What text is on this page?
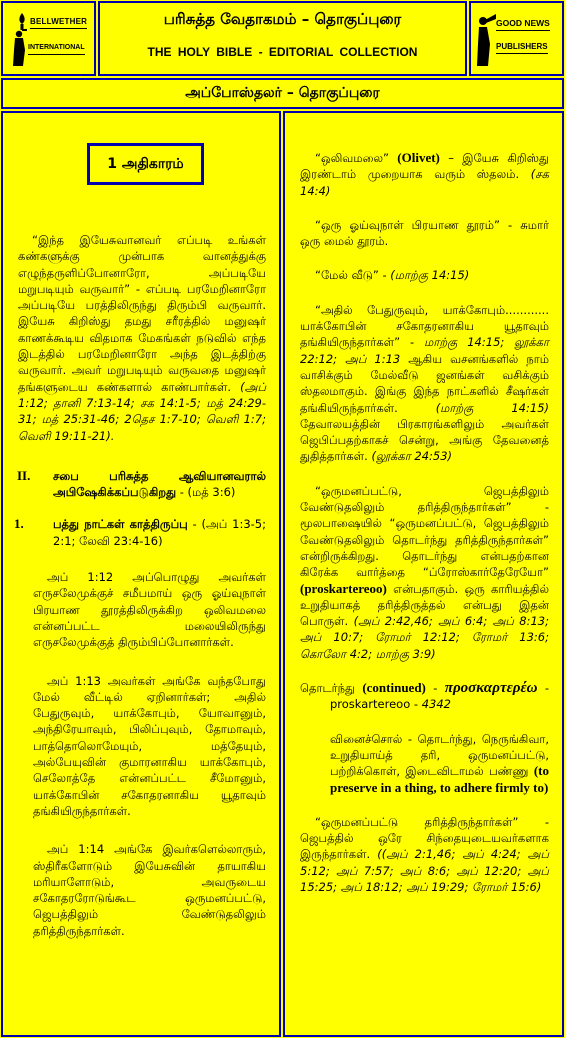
BELLWETHER
INTERNATIONAL
பரிசுத்த வேதாகமம் – தொகுப்புரை
THE HOLY BIBLE - EDITORIAL COLLECTION
GOOD NEWS
PUBLISHERS
அப்போஸ்தலர் – தொகுப்புரை
1 அதிகாரம்

“இந்த இயேசுவானவர் எப்படி உங்கள் கண்களுக்கு முன்பாக வானத்துக்கு எழுந்தருளிப்போனாரோ, அப்படியே மறுபடியும் வருவார்” - எப்படி பரமேறினாரோ அப்படியே பரத்திலிருந்து திரும்பி வருவார். இயேசு கிறிஸ்து தமது சரீரத்தில் மனுஷர் காணக்கூடிய விதமாக மேகங்கள் நடுவில் எந்த இடத்தில் பரமேறினாரோ அந்த இடத்திற்கு வருவார். அவர் மறுபடியும் வருவதை மனுஷர் தங்களுடைய கண்களால் காண்பார்கள். (அப் 1:12; தானி 7:13-14; சக 14:1-5; மத் 24:29-31; மத் 25:31-46; 2தெச 1:7-10; வெளி 1:7; வெளி 19:11-21).

II.	சபை பரிசுத்த ஆவியானவரால் அபிஷேகிக்கப்படுகிறது - (மத் 3:6)
1.	பத்து நாட்கள் காத்திருப்பு - (அப் 1:3-5; 2:1; லேவி 23:4-16)

அப் 1:12 அப்பொழுது அவர்கள் எருசலேமுக்குச் சமீபமாய் ஒரு ஓய்வுநாள் பிரயாண தூரத்திலிருக்கிற ஒலிவமலை என்னப்பட்ட மலையிலிருந்து எருசலேமுக்குத் திரும்பிப்போனார்கள்.

அப் 1:13 அவர்கள் அங்கே வந்தபோது மேல் வீட்டில் ஏறினார்கள்; அதில் பேதுருவும், யாக்கோபும், யோவானும், அந்திரேயாவும், பிலிப்புவும், தோமாவும், பாத்தொலொமேயும், மத்தேயும், அல்பேயுவின் குமாரனாகிய யாக்கோபும், செலோத்தே என்னப்பட்ட சீமோனும், யாக்கோபின் சகோதரனாகிய யூதாவும் தங்கியிருந்தார்கள்.

அப் 1:14 அங்கே இவர்களெல்லாரும், ஸ்திரீகளோடும் இயேசுவின் தாயாகிய மரியாளோடும், அவருடைய சகோதரரோடுங்கூட ஒருமனப்பட்டு, ஜெபத்திலும் வேண்டுதலிலும் தரித்திருந்தார்கள்.

“ஒலிவமலை” (Olivet) – இயேசு கிறிஸ்து இரண்டாம் முறையாக வரும் ஸ்தலம். (சக 14:4)

“ஒரு ஓய்வுநாள் பிரயாண தூரம்” - சுமார் ஒரு மைல் தூரம்.

“மேல் வீடு” - (மாற்கு 14:15)

“அதில் பேதுருவும், யாக்கோபும்............ யாக்கோபின் சகோதரனாகிய யூதாவும் தங்கியிருந்தார்கள்” - மாற்கு 14:15; லூக்கா 22:12; அப் 1:13 ஆகிய வசனங்களில் நாம் வாசிக்கும் மேல்வீடு ஜனங்கள் வசிக்கும் ஸ்தலமாகும். இங்கு இந்த நாட்களில் சீஷர்கள் தங்கியிருந்தார்கள். (மாற்கு 14:15) தேவாலயத்தின் பிரகாரங்களிலும் அவர்கள் ஜெபிப்பதற்காகச் சென்று, அங்கு தேவனைத் துதித்தார்கள். (லூக்கா 24:53)

“ஒருமனப்பட்டு, ஜெபத்திலும் வேண்டுதலிலும் தரித்திருந்தார்கள்” - மூலபாஷையில் “ஒருமனப்பட்டு, ஜெபத்திலும் வேண்டுதலிலும் தொடர்ந்து தரித்திருந்தார்கள்” என்றிருக்கிறது. தொடர்ந்து என்பதற்கான கிரேக்க வார்த்தை “ப்ரோஸ்கார்தேரேயோ” (proskartereoo) என்பதாகும். ஒரு காரியத்தில் உறுதியாகத் தரித்திருத்தல் என்பது இதன் பொருள். (அப் 2:42,46; அப் 6:4; அப் 8:13; அப் 10:7; ரோமர் 12:12; ரோமர் 13:6; கொலோ 4:2; மாற்கு 3:9)

தொடர்ந்து (continued) - προσκαρτερέω - proskartereoo - 4342

வினைச்சொல் - தொடர்ந்து, நெருங்கிவா, உறுதியாய்த் தரி, ஒருமனப்பட்டு, பற்றிக்கொள், இடைவிடாமல் பண்ணு (to preserve in a thing, to adhere firmly to)

“ஒருமனப்பட்டு தரித்திருந்தார்கள்” - ஜெபத்தில் ஒரே சிந்தையுடையவர்களாக இருந்தார்கள். ((அப் 2:1,46; அப் 4:24; அப் 5:12; அப் 7:57; அப் 8:6; அப் 12:20; அப் 15:25; அப் 18:12; அப் 19:29; ரோமர் 15:6)
